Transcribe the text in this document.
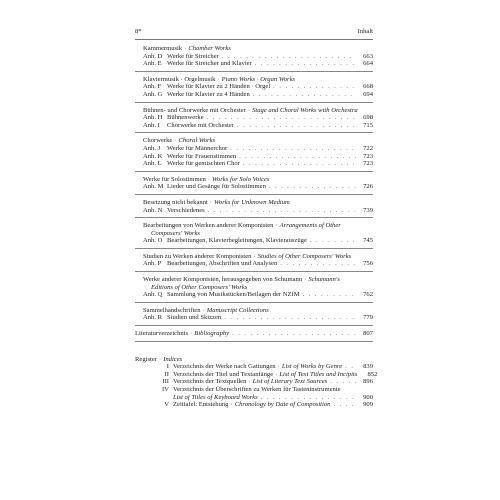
8*	Inhalt
Kammermusik · Chamber Works
Anh. D Werke für Streicher . . .	663
Anh. E Werke für Streicher und Klavier . . .	664
Klaviermusik · Orgelmusik · Piano Works · Organ Works
Anh. F Werke für Klavier zu 2 Händen · Orgel . . .	668
Anh. G Werke für Klavier zu 4 Händen . . .	694
Bühnen- und Chorwerke mit Orchester · Stage and Choral Works with Orchestra
Anh. H Bühnenwerke . . .	698
Anh. I	Chorwerke mit Orchester . . .	715
Chorwerke · Choral Works
Anh. J	Werke für Männerchor . . .	722
Anh. K Werke für Frauenstimmen . . .	723
Anh. L Werke für gemischten Chor . . .	723
Werke für Solostimmen · Works for Solo Voices
Anh. M Lieder und Gesänge für Solostimmen . . .	726
Besetzung nicht bekannt · Works for Unknown Medium
Anh. N Verschiedenes . . .	739
Bearbeitungen von Werken anderer Komponisten · Arrangements of Other
Composers' Works
Anh. O Bearbeitungen, Klavierbegleitungen, Klavierauszüge . . .	745
Studien zu Werken anderer Komponisten · Studies of Other Composers' Works
Anh. P Bearbeitungen, Abschriften und Analysen . . .	756
Werke anderer Komponisten, herausgegeben von Schumann · Schumann's
Editions of Other Composers' Works
Anh. Q Sammlung von Musikstücken/Beilagen der NZfM . . .	762
Sammelhandschriften · Manuscript Collections
Anh. R Studien und Skizzen . . .	779
Literaturverzeichnis · Bibliography . . .	807
Register · Indices
I Verzeichnis der Werke nach Gattungen · List of Works by Genre . . .	839
II Verzeichnis der Titel und Textanfänge · List of Text Titles and Incipits	852
III Verzeichnis der Textquellen · List of Literary Text Sources . . .	896
IV Verzeichnis der Überschriften zu Werken für Tasteninstrumente
List of Titles of Keyboard Works . . .	900
V Zeittafel: Entstehung · Chronology by Date of Composition . . .	909
